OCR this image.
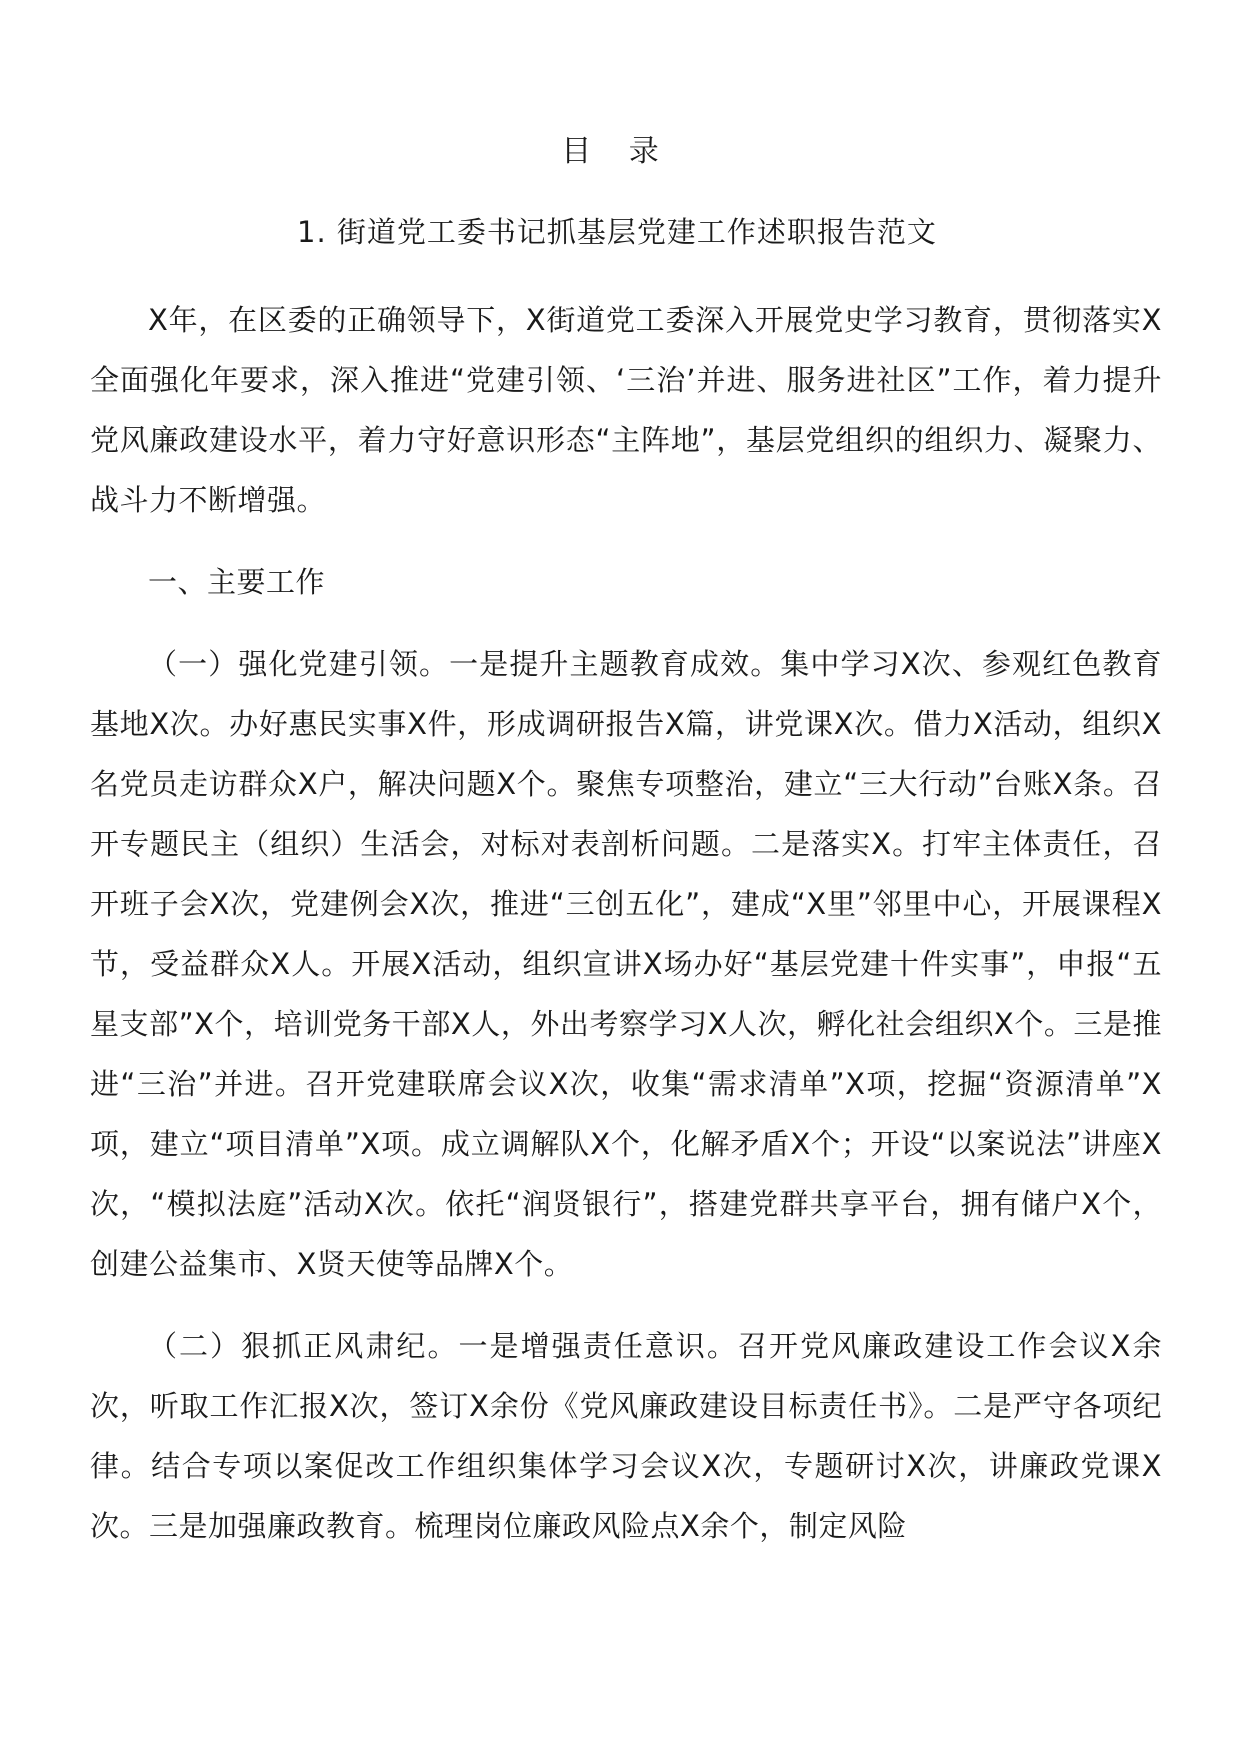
目 录
1. 街道党工委书记抓基层党建工作述职报告范文

X年，在区委的正确领导下，X街道党工委深入开展党史学习教育，贯彻落实X全面强化年要求，深入推进“党建引领、‘三治’并进、服务进社区”工作，着力提升党风廉政建设水平，着力守好意识形态“主阵地”，基层党组织的组织力、凝聚力、战斗力不断增强。

一、主要工作

（一）强化党建引领。一是提升主题教育成效。集中学习X次、参观红色教育基地X次。办好惠民实事X件，形成调研报告X篇，讲党课X次。借力X活动，组织X名党员走访群众X户，解决问题X个。聚焦专项整治，建立“三大行动”台账X条。召开专题民主（组织）生活会，对标对表剖析问题。二是落实X。打牢主体责任，召开班子会X次，党建例会X次，推进“三创五化”，建成“X里”邻里中心，开展课程X节，受益群众X人。开展X活动，组织宣讲X场办好“基层党建十件实事”，申报“五星支部”X个，培训党务干部X人，外出考察学习X人次，孵化社会组织X个。三是推进“三治”并进。召开党建联席会议X次，收集“需求清单”X项，挖掘“资源清单”X项，建立“项目清单”X项。成立调解队X个，化解矛盾X个；开设“以案说法”讲座X次，“模拟法庭”活动X次。依托“润贤银行”，搭建党群共享平台，拥有储户X个，创建公益集市、X贤天使等品牌X个。

（二）狠抓正风肃纪。一是增强责任意识。召开党风廉政建设工作会议X余次，听取工作汇报X次，签订X余份《党风廉政建设目标责任书》。二是严守各项纪律。结合专项以案促改工作组织集体学习会议X次，专题研讨X次，讲廉政党课X次。三是加强廉政教育。梳理岗位廉政风险点X余个，制定风险
